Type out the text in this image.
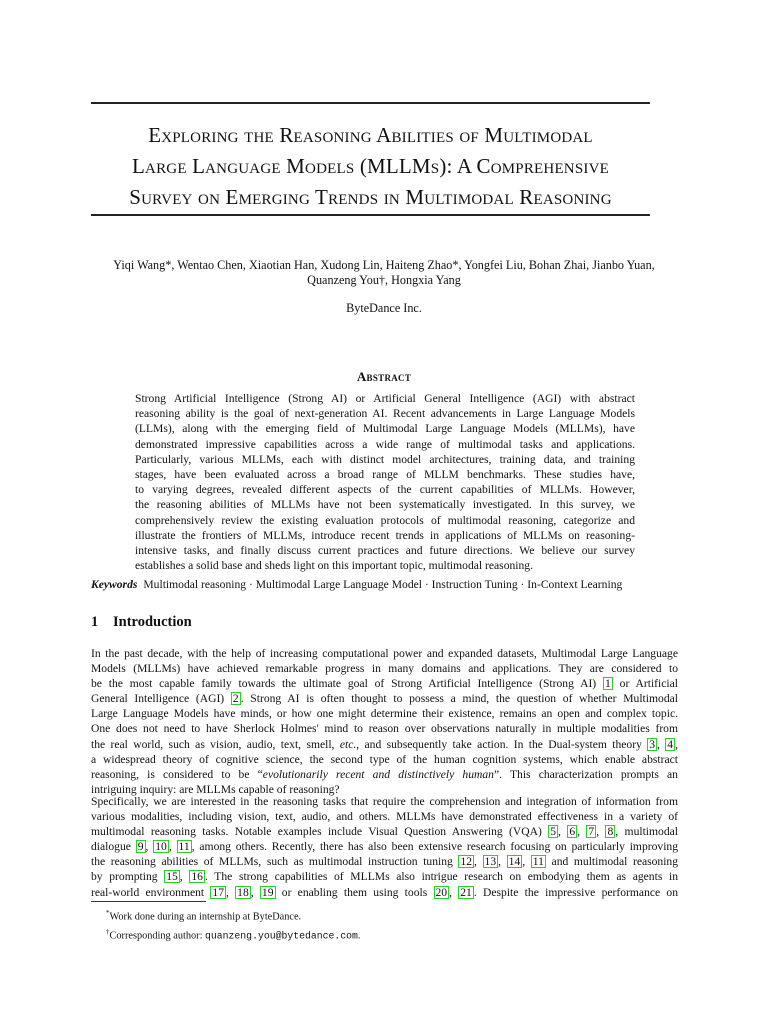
Exploring the Reasoning Abilities of Multimodal
Large Language Models (MLLMs): A Comprehensive
Survey on Emerging Trends in Multimodal Reasoning
Yiqi Wang*, Wentao Chen, Xiaotian Han, Xudong Lin, Haiteng Zhao*, Yongfei Liu, Bohan Zhai, Jianbo Yuan,
Quanzeng You†, Hongxia Yang
ByteDance Inc.
Abstract
Strong Artificial Intelligence (Strong AI) or Artificial General Intelligence (AGI) with abstract
reasoning ability is the goal of next-generation AI. Recent advancements in Large Language Models
(LLMs), along with the emerging field of Multimodal Large Language Models (MLLMs), have
demonstrated impressive capabilities across a wide range of multimodal tasks and applications.
Particularly, various MLLMs, each with distinct model architectures, training data, and training
stages, have been evaluated across a broad range of MLLM benchmarks. These studies have,
to varying degrees, revealed different aspects of the current capabilities of MLLMs. However,
the reasoning abilities of MLLMs have not been systematically investigated. In this survey, we
comprehensively review the existing evaluation protocols of multimodal reasoning, categorize and
illustrate the frontiers of MLLMs, introduce recent trends in applications of MLLMs on reasoning-
intensive tasks, and finally discuss current practices and future directions. We believe our survey
establishes a solid base and sheds light on this important topic, multimodal reasoning.
Keywords Multimodal reasoning · Multimodal Large Language Model · Instruction Tuning · In-Context Learning
1 Introduction
In the past decade, with the help of increasing computational power and expanded datasets, Multimodal Large Language
Models (MLLMs) have achieved remarkable progress in many domains and applications. They are considered to
be the most capable family towards the ultimate goal of Strong Artificial Intelligence (Strong AI) 1 or Artificial
General Intelligence (AGI) 2 . Strong AI is often thought to possess a mind, the question of whether Multimodal
Large Language Models have minds, or how one might determine their existence, remains an open and complex topic.
One does not need to have Sherlock Holmes' mind to reason over observations naturally in multiple modalities from
the real world, such as vision, audio, text, smell, etc., and subsequently take action. In the Dual-system theory 3 , 4 ,
a widespread theory of cognitive science, the second type of the human cognition systems, which enable abstract
reasoning, is considered to be “evolutionarily recent and distinctively human”. This characterization prompts an
intriguing inquiry: are MLLMs capable of reasoning?
Specifically, we are interested in the reasoning tasks that require the comprehension and integration of information from
various modalities, including vision, text, audio, and others. MLLMs have demonstrated effectiveness in a variety of
multimodal reasoning tasks. Notable examples include Visual Question Answering (VQA) 5 , 6 , 7 , 8 , multimodal
dialogue 9 , 10 , 11 , among others. Recently, there has also been extensive research focusing on particularly improving
the reasoning abilities of MLLMs, such as multimodal instruction tuning 12 , 13 , 14 , 11 and multimodal reasoning
by prompting 15 , 16 . The strong capabilities of MLLMs also intrigue research on embodying them as agents in
real-world environment 17 , 18 , 19 or enabling them using tools 20 , 21 . Despite the impressive performance on
*Work done during an internship at ByteDance.
†Corresponding author: quanzeng.you@bytedance.com.
